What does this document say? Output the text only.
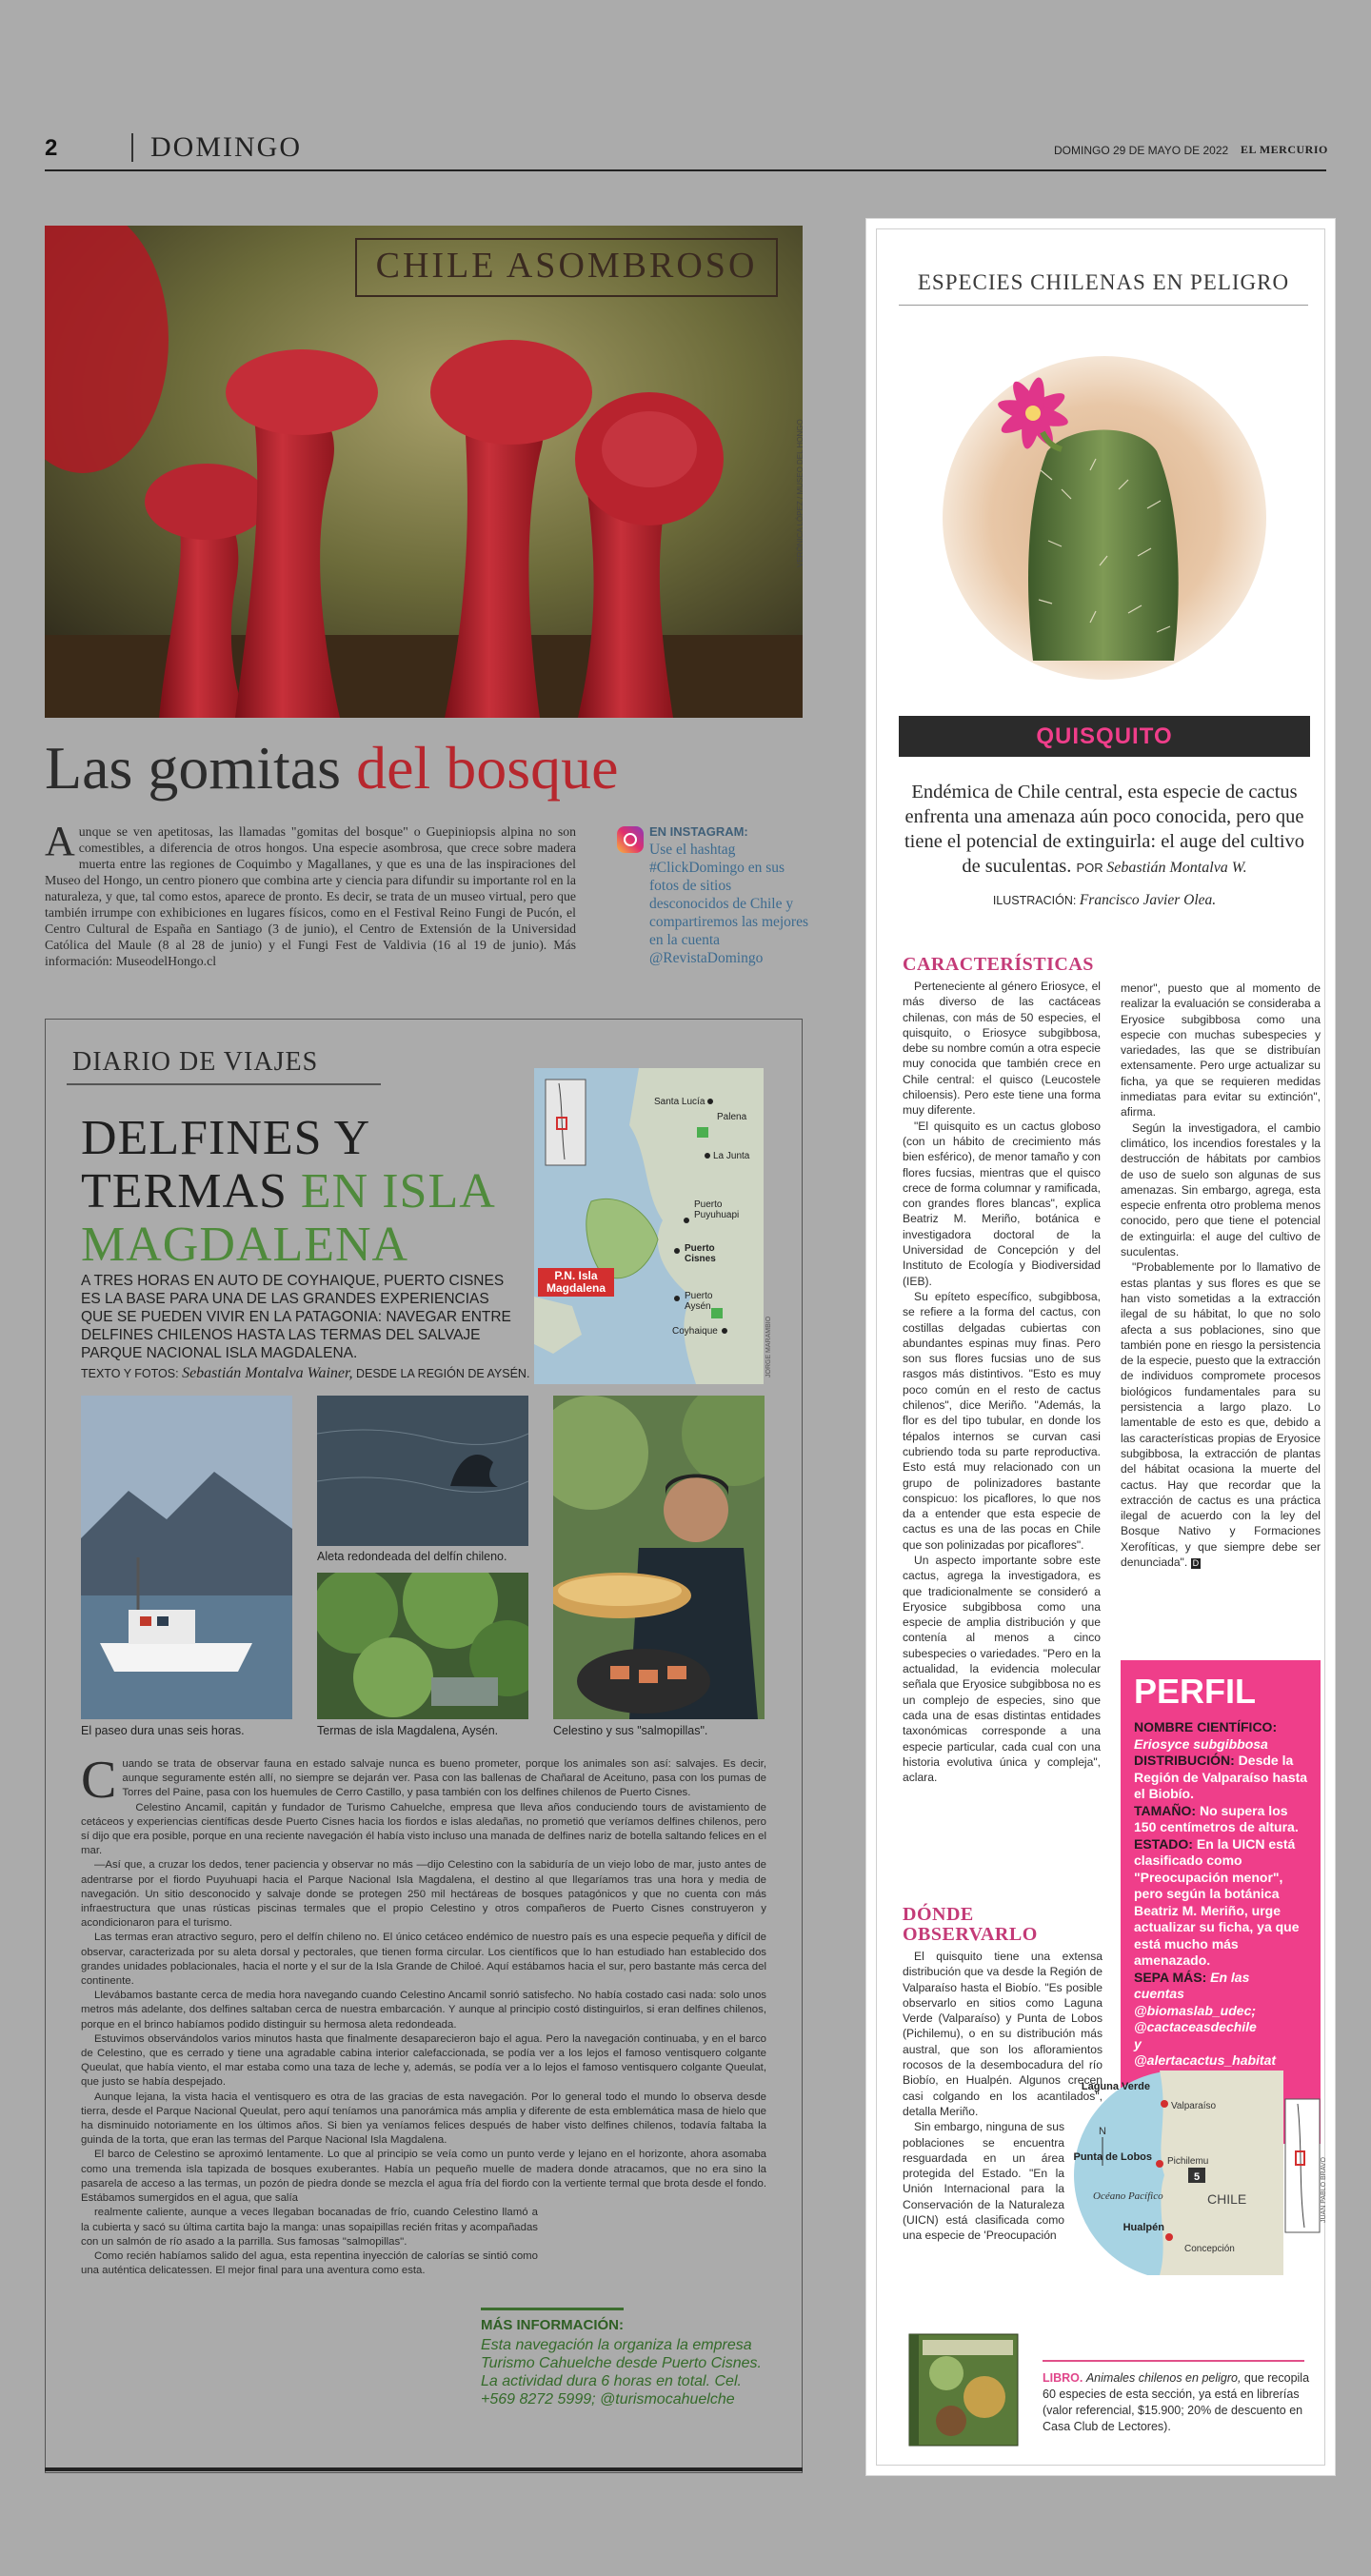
2	DOMINGO	DOMINGO 29 DE MAYO DE 2022 EL MERCURIO
CHILE ASOMBROSO
VERÓNICA LÓPEZ / MUSEO DEL HONGO
Las gomitas del bosque
Aunque se ven apetitosas, las llamadas "gomitas del bosque" o Guepiniopsis alpina no son comestibles, a diferencia de otros hongos. Una especie asombrosa, que crece sobre madera muerta entre las regiones de Coquimbo y Magallanes, y que es una de las inspiraciones del Museo del Hongo, un centro pionero que combina arte y ciencia para difundir su importante rol en la naturaleza, y que, tal como estos, aparece de pronto. Es decir, se trata de un museo virtual, pero que también irrumpe con exhibiciones en lugares físicos, como en el Festival Reino Fungi de Pucón, el Centro Cultural de España en Santiago (3 de junio), el Centro de Extensión de la Universidad Católica del Maule (8 al 28 de junio) y el Fungi Fest de Valdivia (16 al 19 de junio). Más información: MuseodelHongo.cl
EN INSTAGRAM:
Use el hashtag #ClickDomingo en sus fotos de sitios desconocidos de Chile y compartiremos las mejores en la cuenta @RevistaDomingo
DIARIO DE VIAJES
DELFINES Y TERMAS EN ISLA MAGDALENA
A TRES HORAS EN AUTO DE COYHAIQUE, PUERTO CISNES ES LA BASE PARA UNA DE LAS GRANDES EXPERIENCIAS QUE SE PUEDEN VIVIR EN LA PATAGONIA: NAVEGAR ENTRE DELFINES CHILENOS HASTA LAS TERMAS DEL SALVAJE PARQUE NACIONAL ISLA MAGDALENA.
TEXTO Y FOTOS: Sebastián Montalva Wainer, DESDE LA REGIÓN DE AYSÉN.
Santa Lucía
Palena
La Junta
Puerto Puyuhuapi
Puerto Cisnes
Puerto Aysén
Coyhaique
P.N. Isla Magdalena
JORGE MARAMBIO
El paseo dura unas seis horas.
Aleta redondeada del delfín chileno.
Termas de isla Magdalena, Aysén.	Celestino y sus "salmopillas".

Cuando se trata de observar fauna en estado salvaje nunca es bueno prometer, porque los animales son así: salvajes. Es decir, aunque seguramente estén allí, no siempre se dejarán ver. Pasa con las ballenas de Chañaral de Aceituno, pasa con los pumas de Torres del Paine, pasa con los huemules de Cerro Castillo, y pasa también con los delfines chilenos de Puerto Cisnes.

Celestino Ancamil, capitán y fundador de Turismo Cahuelche, empresa que lleva años conduciendo tours de avistamiento de cetáceos y experiencias científicas desde Puerto Cisnes hacia los fiordos e islas aledañas, no prometió que veríamos delfines chilenos, pero sí dijo que era posible, porque en una reciente navegación él había visto incluso una manada de delfines nariz de botella saltando felices en el mar.

—Así que, a cruzar los dedos, tener paciencia y observar no más —dijo Celestino con la sabiduría de un viejo lobo de mar, justo antes de adentrarse por el fiordo Puyuhuapi hacia el Parque Nacional Isla Magdalena, el destino al que llegaríamos tras una hora y media de navegación. Un sitio desconocido y salvaje donde se protegen 250 mil hectáreas de bosques patagónicos y que no cuenta con más infraestructura que unas rústicas piscinas termales que el propio Celestino y otros compañeros de Puerto Cisnes construyeron y acondicionaron para el turismo.

Las termas eran atractivo seguro, pero el delfín chileno no. El único cetáceo endémico de nuestro país es una especie pequeña y difícil de observar, caracterizada por su aleta dorsal y pectorales, que tienen forma circular. Los científicos que lo han estudiado han establecido dos grandes unidades poblacionales, hacia el norte y el sur de la Isla Grande de Chiloé. Aquí estábamos hacia el sur, pero bastante más cerca del continente.

Llevábamos bastante cerca de media hora navegando cuando Celestino Ancamil sonrió satisfecho. No había costado casi nada: solo unos metros más adelante, dos delfines saltaban cerca de nuestra embarcación. Y aunque al principio costó distinguirlos, si eran delfines chilenos, porque en el brinco habíamos podido distinguir su hermosa aleta redondeada.

Estuvimos observándolos varios minutos hasta que finalmente desaparecieron bajo el agua. Pero la navegación continuaba, y en el barco de Celestino, que es cerrado y tiene una agradable cabina interior calefaccionada, se podía ver a los lejos el famoso ventisquero colgante Queulat, que había viento, el mar estaba como una taza de leche y, además, se podía ver a lo lejos el famoso ventisquero colgante Queulat, que justo se había despejado.

Aunque lejana, la vista hacia el ventisquero es otra de las gracias de esta navegación. Por lo general todo el mundo lo observa desde tierra, desde el Parque Nacional Queulat, pero aquí teníamos una panorámica más amplia y diferente de esta emblemática masa de hielo que ha disminuido notoriamente en los últimos años. Si bien ya veníamos felices después de haber visto delfines chilenos, todavía faltaba la guinda de la torta, que eran las termas del Parque Nacional Isla Magdalena.

El barco de Celestino se aproximó lentamente. Lo que al principio se veía como un punto verde y lejano en el horizonte, ahora asomaba como una tremenda isla tapizada de bosques exuberantes. Había un pequeño muelle de madera donde atracamos, que no era sino la pasarela de acceso a las termas, un pozón de piedra donde se mezcla el agua fría del fiordo con la vertiente termal que brota desde el fondo. Estábamos sumergidos en el agua, que salía

realmente caliente, aunque a veces llegaban bocanadas de frío, cuando Celestino llamó a la cubierta y sacó su última cartita bajo la manga: unas sopaipillas recién fritas y acompañadas con un salmón de río asado a la parrilla. Sus famosas "salmopillas".

Como recién habíamos salido del agua, esta repentina inyección de calorías se sintió como una auténtica delicatessen. El mejor final para una aventura como esta.

MÁS INFORMACIÓN:
Esta navegación la organiza la empresa Turismo Cahuelche desde Puerto Cisnes. La actividad dura 6 horas en total. Cel. +569 8272 5999; @turismocahuelche
ESPECIES CHILENAS EN PELIGRO
QUISQUITO
Endémica de Chile central, esta especie de cactus enfrenta una amenaza aún poco conocida, pero que tiene el potencial de extinguirla: el auge del cultivo de suculentas. POR Sebastián Montalva W.
ILUSTRACIÓN: Francisco Javier Olea.
CARACTERÍSTICAS

Perteneciente al género Eriosyce, el más diverso de las cactáceas chilenas, con más de 50 especies, el quisquito, o Eriosyce subgibbosa, debe su nombre común a otra especie muy conocida que también crece en Chile central: el quisco (Leucostele chiloensis). Pero este tiene una forma muy diferente.

"El quisquito es un cactus globoso (con un hábito de crecimiento más bien esférico), de menor tamaño y con flores fucsias, mientras que el quisco crece de forma columnar y ramificada, con grandes flores blancas", explica Beatriz M. Meriño, botánica e investigadora doctoral de la Universidad de Concepción y del Instituto de Ecología y Biodiversidad (IEB).

Su epíteto específico, subgibbosa, se refiere a la forma del cactus, con costillas delgadas cubiertas con abundantes espinas muy finas. Pero son sus flores fucsias uno de sus rasgos más distintivos. "Esto es muy poco común en el resto de cactus chilenos", dice Meriño. "Además, la flor es del tipo tubular, en donde los tépalos internos se curvan casi cubriendo toda su parte reproductiva. Esto está muy relacionado con un grupo de polinizadores bastante conspicuo: los picaflores, lo que nos da a entender que esta especie de cactus es una de las pocas en Chile que son polinizadas por picaflores".

Un aspecto importante sobre este cactus, agrega la investigadora, es que tradicionalmente se consideró a Eryosice subgibbosa como una especie de amplia distribución y que contenía al menos a cinco subespecies o variedades. "Pero en la actualidad, la evidencia molecular señala que Eryosice subgibbosa no es un complejo de especies, sino que cada una de esas distintas entidades taxonómicas corresponde a una especie particular, cada cual con una historia evolutiva única y compleja", aclara.

menor", puesto que al momento de realizar la evaluación se consideraba a Eryosice subgibbosa como una especie con muchas subespecies y variedades, las que se distribuían extensamente. Pero urge actualizar su ficha, ya que se requieren medidas inmediatas para evitar su extinción", afirma.

Según la investigadora, el cambio climático, los incendios forestales y la destrucción de hábitats por cambios de uso de suelo son algunas de sus amenazas. Sin embargo, agrega, esta especie enfrenta otro problema menos conocido, pero que tiene el potencial de extinguirla: el auge del cultivo de suculentas.

"Probablemente por lo llamativo de estas plantas y sus flores es que se han visto sometidas a la extracción ilegal de su hábitat, lo que no solo afecta a sus poblaciones, sino que también pone en riesgo la persistencia de la especie, puesto que la extracción de individuos compromete procesos biológicos fundamentales para su persistencia a largo plazo. Lo lamentable de esto es que, debido a las características propias de Eryosice subgibbosa, la extracción de plantas del hábitat ocasiona la muerte del cactus. Hay que recordar que la extracción de cactus es una práctica ilegal de acuerdo con la ley del Bosque Nativo y Formaciones Xerofíticas, y que siempre debe ser denunciada". D

DÓNDE OBSERVARLO

El quisquito tiene una extensa distribución que va desde la Región de Valparaíso hasta el Biobío. "Es posible observarlo en sitios como Laguna Verde (Valparaíso) y Punta de Lobos (Pichilemu), o en su distribución más austral, que son los afloramientos rocosos de la desembocadura del río Biobío, en Hualpén. Algunos crecen casi colgando en los acantilados", detalla Meriño.

Sin embargo, ninguna de sus poblaciones se encuentra resguardada en un área protegida del Estado. "En la Unión Internacional para la Conservación de la Naturaleza (UICN) está clasificada como una especie de 'Preocupación

PERFIL
NOMBRE CIENTÍFICO: Eriosyce subgibbosa
DISTRIBUCIÓN: Desde la Región de Valparaíso hasta el Biobío.
TAMAÑO: No supera los 150 centímetros de altura.
ESTADO: En la UICN está clasificado como "Preocupación menor", pero según la botánica Beatriz M. Meriño, urge actualizar su ficha, ya que está mucho más amenazado.
SEPA MÁS: En las cuentas @biomaslab_udec; @cactaceasdechile y @alertacactus_habitat
5
N
Laguna Verde
Valparaíso
Punta de Lobos Pichilemu
CHILE
Océano Pacífico
Hualpén
Concepción
JUAN PABLO BRAVO
LIBRO. Animales chilenos en peligro, que recopila 60 especies de esta sección, ya está en librerías (valor referencial, $15.900; 20% de descuento en Casa Club de Lectores).
